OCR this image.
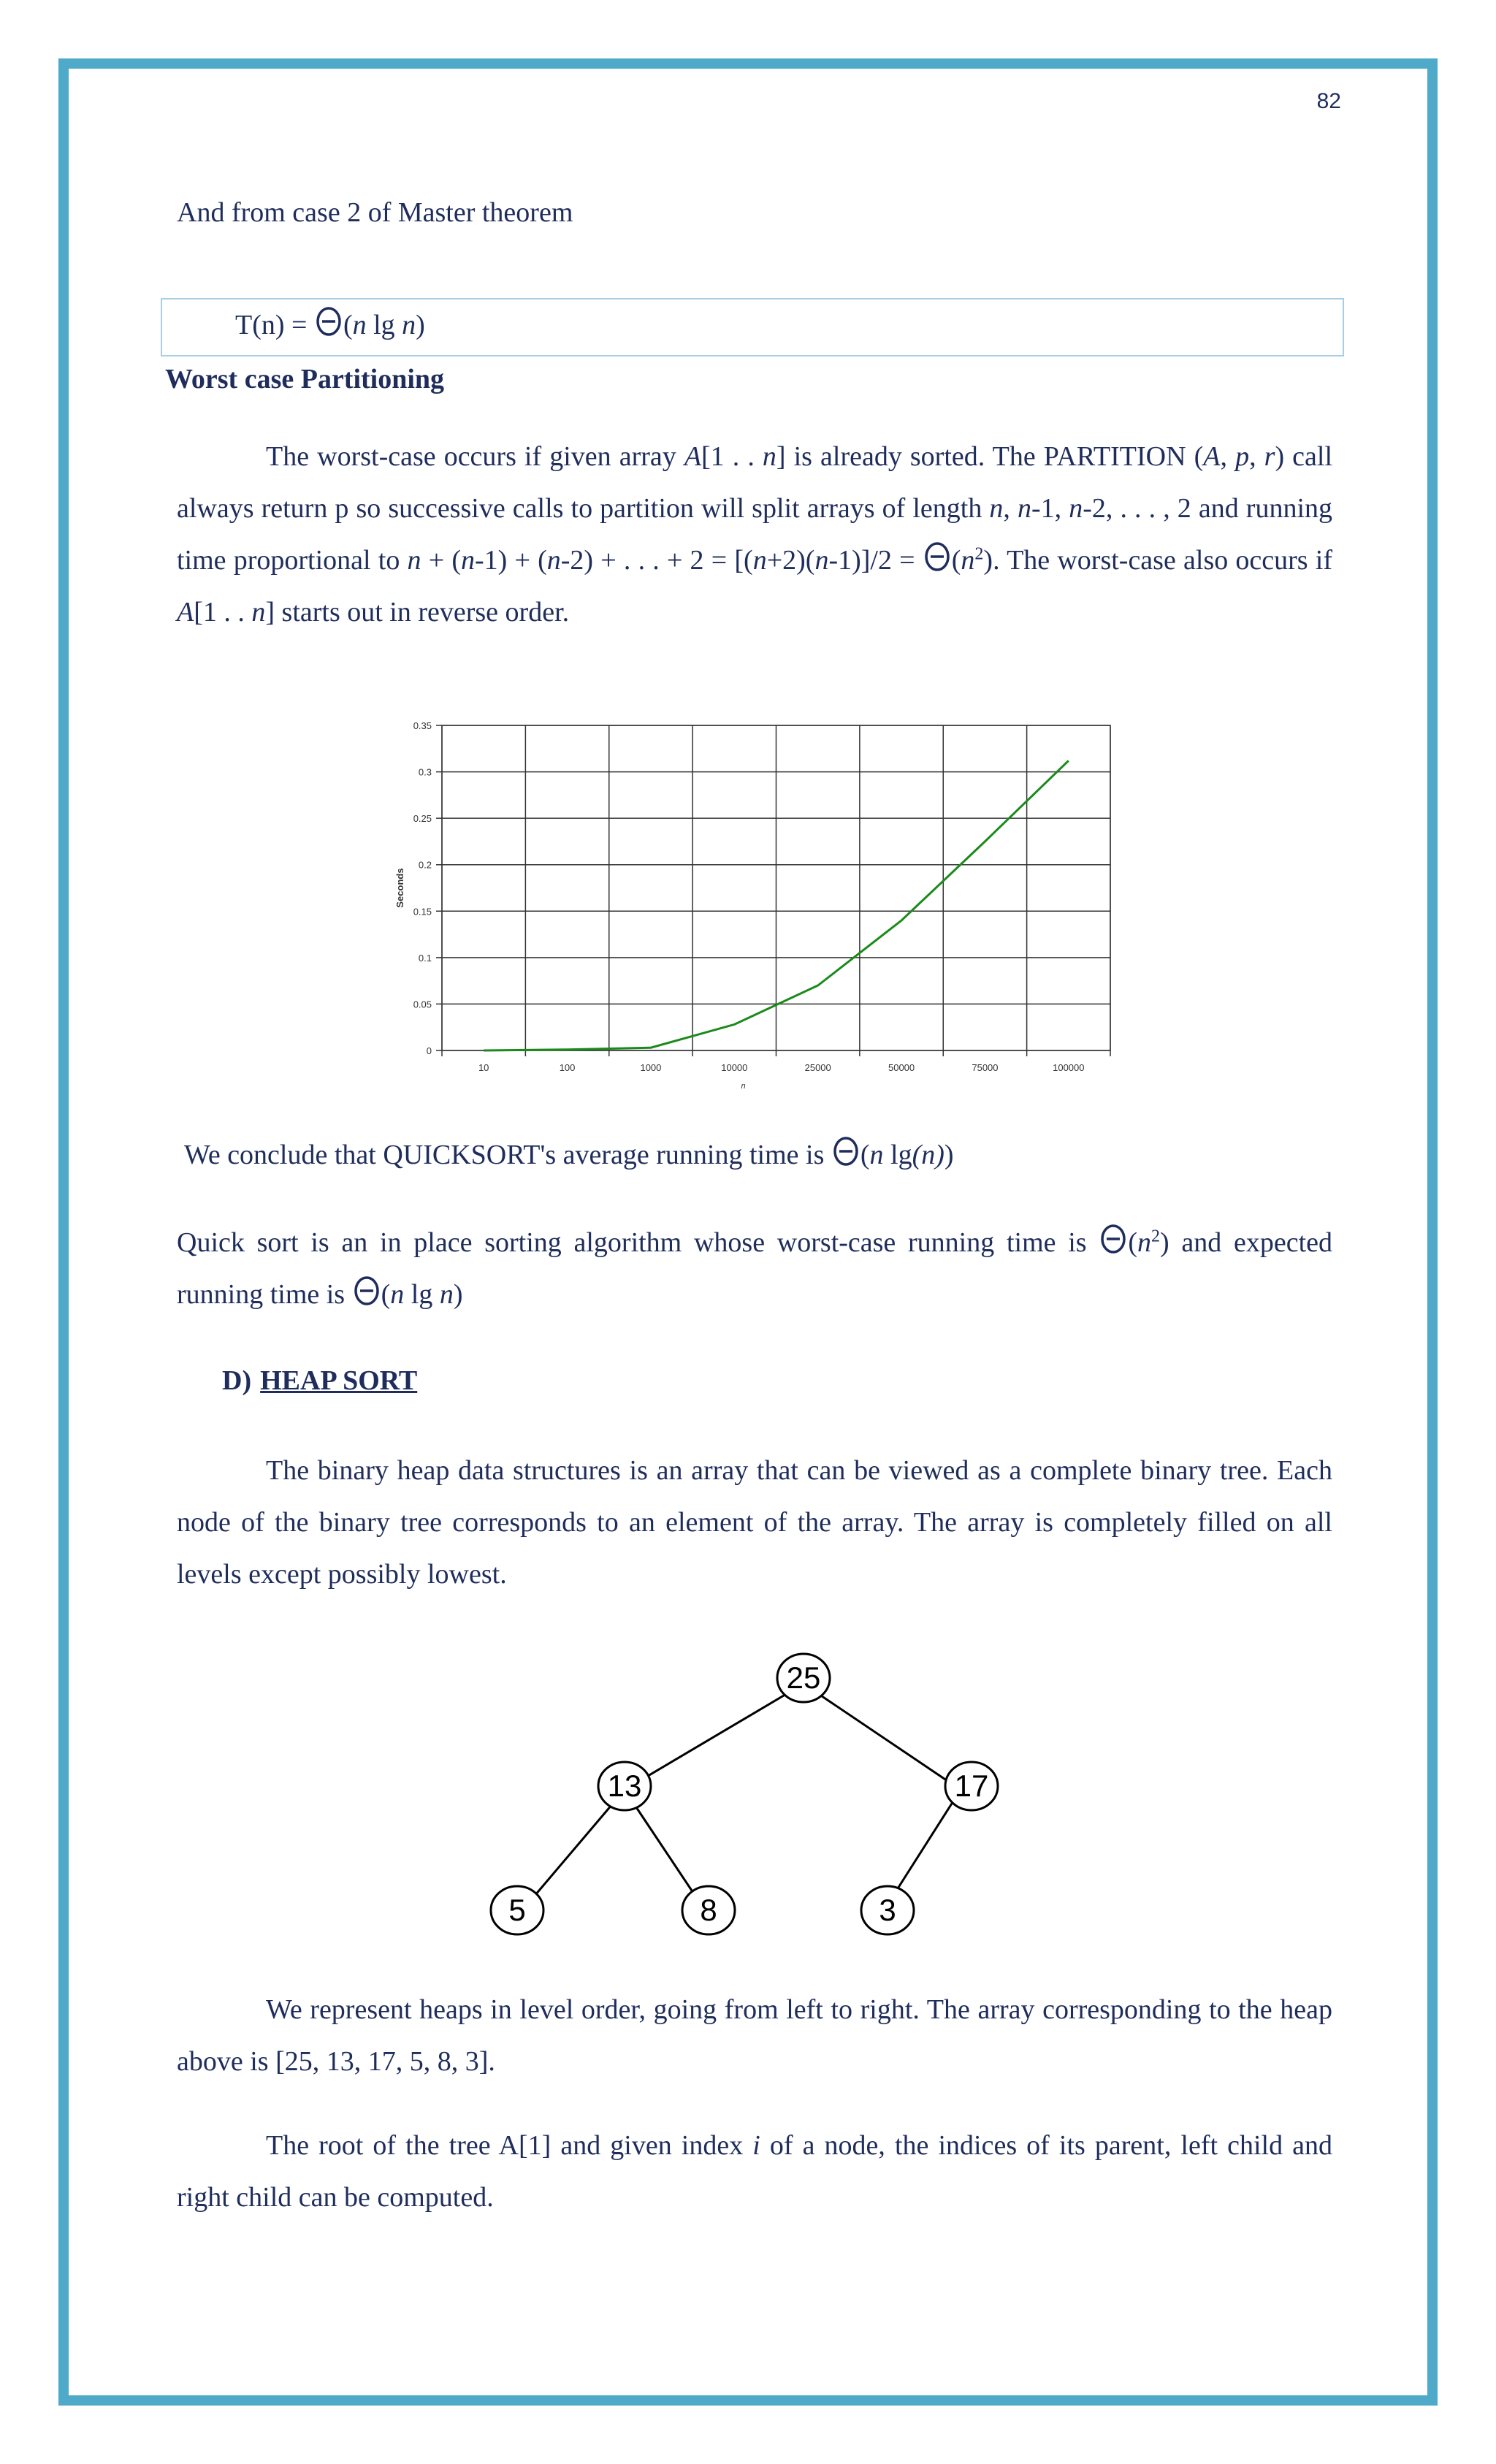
82

And from case 2 of Master theorem

T(n) =
(n lg n)
Worst case Partitioning

The worst-case occurs if given array A[1 . . n] is already sorted. The PARTITION (A, p, r) call always return p so successive calls to partition will split arrays of length n, n-1, n-2, . . . , 2 and running time proportional to n + (n-1) + (n-2) + . . . + 2 = [(n+2)(n-1)]/2 =
$(n^2)$. The worst-case also occurs if A[1 . . n] starts out in reverse order.

0
0.05
0.1
0.15
0.2
0.25
0.3
0.35
10	100	1000	10000	25000	50000	75000	100000
Seconds
n

We conclude that QUICKSORT's average running time is
(n lg(n))

Quick sort is an in place sorting algorithm whose worst-case running time is
$(n^2)$ and expected running time is
(n lg n)

D) HEAP SORT

The binary heap data structures is an array that can be viewed as a complete binary tree. Each node of the binary tree corresponds to an element of the array. The array is completely filled on all levels except possibly lowest.

25
13	17
5	8	3

We represent heaps in level order, going from left to right. The array corresponding to the heap above is [25, 13, 17, 5, 8, 3].

The root of the tree A[1] and given index i of a node, the indices of its parent, left child and right child can be computed.
